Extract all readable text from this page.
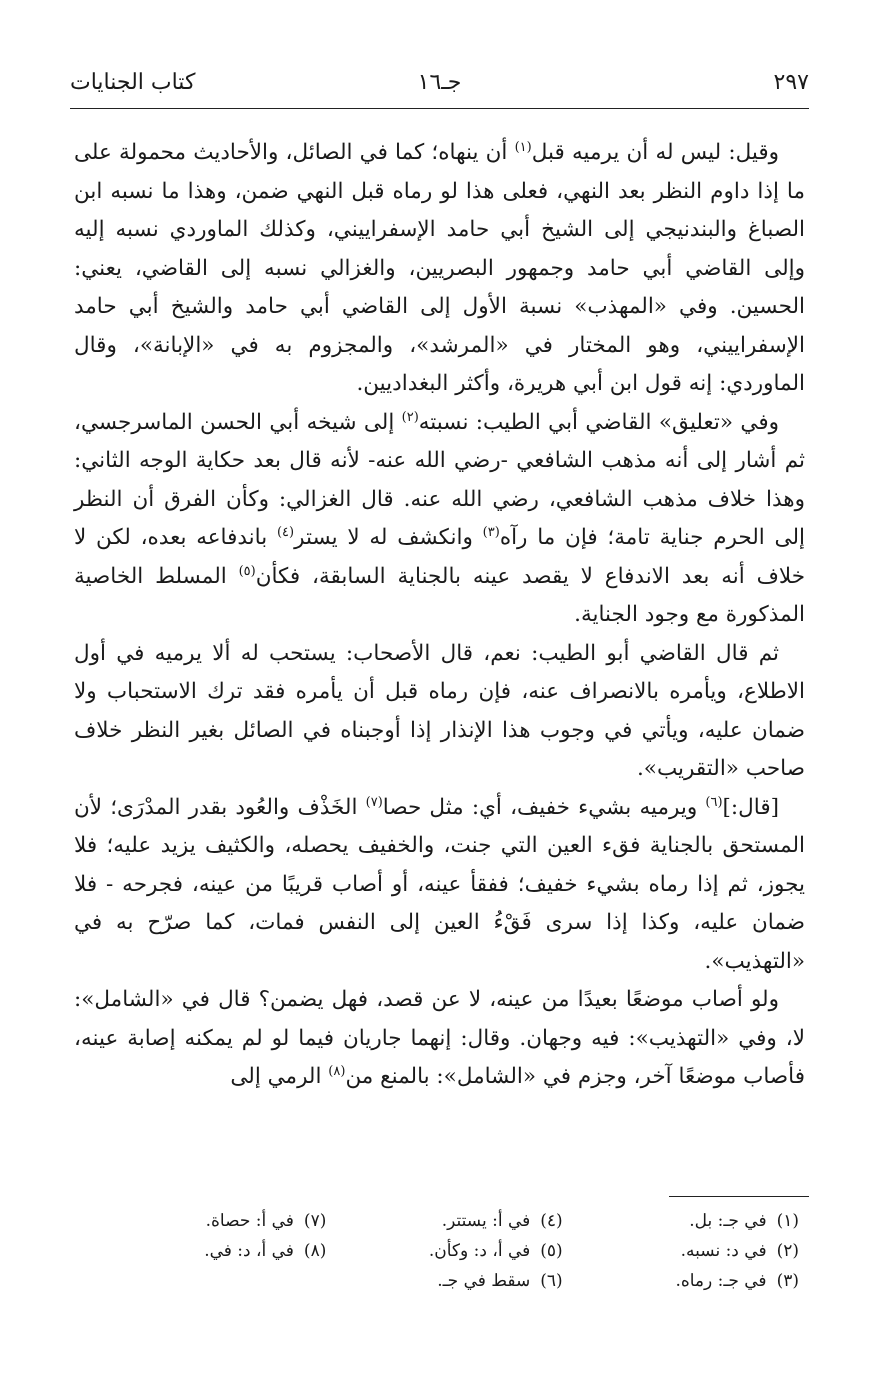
٢٩٧
جـ١٦
كتاب الجنايات

وقيل: ليس له أن يرميه قبل$^{(١)}$ أن ينهاه؛ كما في الصائل، والأحاديث محمولة على ما إذا داوم النظر بعد النهي، فعلى هذا لو رماه قبل النهي ضمن، وهذا ما نسبه ابن الصباغ والبندنيجي إلى الشيخ أبي حامد الإسفراييني، وكذلك الماوردي نسبه إليه وإلى القاضي أبي حامد وجمهور البصريين، والغزالي نسبه إلى القاضي، يعني: الحسين. وفي «المهذب» نسبة الأول إلى القاضي أبي حامد والشيخ أبي حامد الإسفراييني، وهو المختار في «المرشد»، والمجزوم به في «الإبانة»، وقال الماوردي: إنه قول ابن أبي هريرة، وأكثر البغداديين.

وفي «تعليق» القاضي أبي الطيب: نسبته$^{(٢)}$ إلى شيخه أبي الحسن الماسرجسي، ثم أشار إلى أنه مذهب الشافعي -رضي الله عنه- لأنه قال بعد حكاية الوجه الثاني: وهذا خلاف مذهب الشافعي، رضي الله عنه. قال الغزالي: وكأن الفرق أن النظر إلى الحرم جناية تامة؛ فإن ما رآه$^{(٣)}$ وانكشف له لا يستر$^{(٤)}$ باندفاعه بعده، لكن لا خلاف أنه بعد الاندفاع لا يقصد عينه بالجناية السابقة، فكأن$^{(٥)}$ المسلط الخاصية المذكورة مع وجود الجناية.

ثم قال القاضي أبو الطيب: نعم، قال الأصحاب: يستحب له ألا يرميه في أول الاطلاع، ويأمره بالانصراف عنه، فإن رماه قبل أن يأمره فقد ترك الاستحباب ولا ضمان عليه، ويأتي في وجوب هذا الإنذار إذا أوجبناه في الصائل بغير النظر خلاف صاحب «التقريب».

[قال:]$^{(٦)}$ ويرميه بشيء خفيف، أي: مثل حصا$^{(٧)}$ الخَذْف والعُود بقدر المدْرَى؛ لأن المستحق بالجناية فقء العين التي جنت، والخفيف يحصله، والكثيف يزيد عليه؛ فلا يجوز، ثم إذا رماه بشيء خفيف؛ ففقأ عينه، أو أصاب قريبًا من عينه، فجرحه - فلا ضمان عليه، وكذا إذا سرى فَقْءُ العين إلى النفس فمات، كما صرّح به في «التهذيب».

ولو أصاب موضعًا بعيدًا من عينه، لا عن قصد، فهل يضمن؟ قال في «الشامل»: لا، وفي «التهذيب»: فيه وجهان. وقال: إنهما جاريان فيما لو لم يمكنه إصابة عينه، فأصاب موضعًا آخر، وجزم في «الشامل»: بالمنع من$^{(٨)}$ الرمي إلى

(١)في جـ: بل.
(٤)في أ: يستتر.
(٧)في أ: حصاة.
(٢)في د: نسبه.
(٥)في أ، د: وكأن.
(٨)في أ، د: في.
(٣)في جـ: رماه.
(٦)سقط في جـ.
